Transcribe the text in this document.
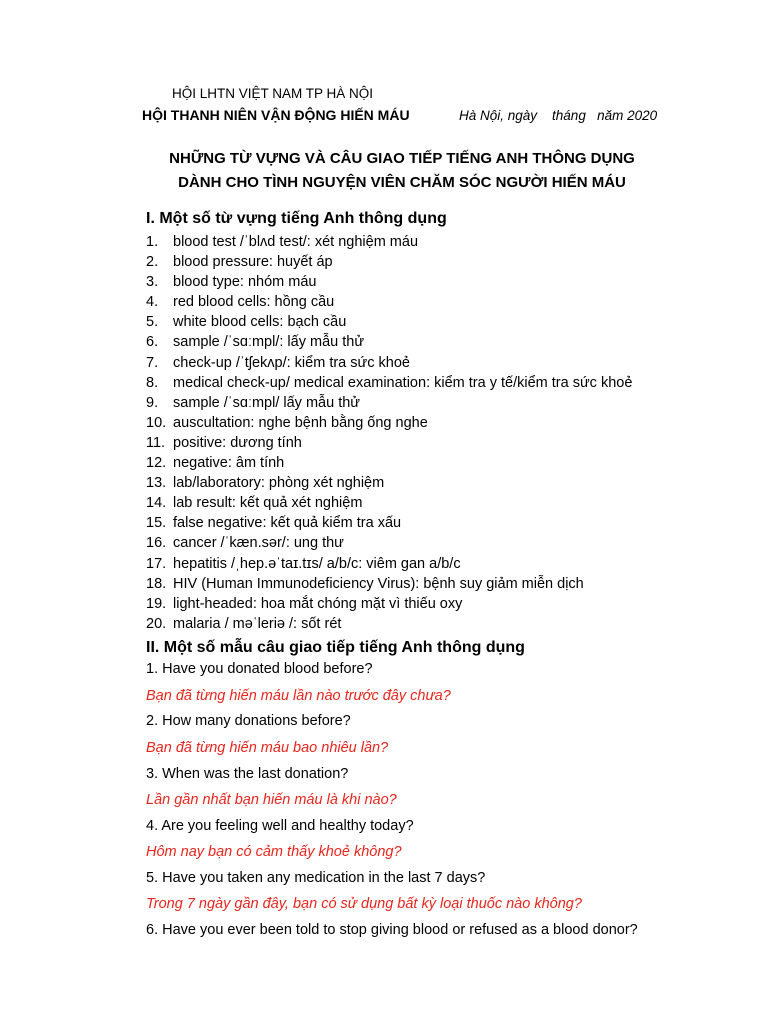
HỘI LHTN VIỆT NAM TP HÀ NỘI
HỘI THANH NIÊN VẬN ĐỘNG HIẾN MÁU	Hà Nội, ngày    tháng   năm 2020
NHỮNG TỪ VỰNG VÀ CÂU GIAO TIẾP TIẾNG ANH THÔNG DỤNG
DÀNH CHO TÌNH NGUYỆN VIÊN CHĂM SÓC NGƯỜI HIẾN MÁU
I. Một số từ vựng tiếng Anh thông dụng
1. blood test /ˈblʌd test/: xét nghiệm máu
2. blood pressure: huyết áp
3. blood type: nhóm máu
4. red blood cells: hồng cầu
5. white blood cells: bạch cầu
6. sample /ˈsɑːmpl/: lấy mẫu thử
7. check-up /ˈtʃekʌp/: kiểm tra sức khoẻ
8. medical check-up/ medical examination: kiểm tra y tế/kiểm tra sức khoẻ
9. sample /ˈsɑːmpl/ lấy mẫu thử
10. auscultation: nghe bệnh bằng ống nghe
11. positive: dương tính
12. negative: âm tính
13. lab/laboratory: phòng xét nghiệm
14. lab result: kết quả xét nghiệm
15. false negative: kết quả kiểm tra xấu
16. cancer /ˈkæn.sər/: ung thư
17. hepatitis /ˌhep.əˈtaɪ.tɪs/ a/b/c: viêm gan a/b/c
18. HIV (Human Immunodeficiency Virus): bệnh suy giảm miễn dịch
19. light-headed: hoa mắt chóng mặt vì thiếu oxy
20. malaria / məˈleriə /: sốt rét
II. Một số mẫu câu giao tiếp tiếng Anh thông dụng
1. Have you donated blood before?
Bạn đã từng hiến máu lần nào trước đây chưa?
2. How many donations before?
Bạn đã từng hiến máu bao nhiêu lần?
3. When was the last donation?
Lần gần nhất bạn hiến máu là khi nào?
4. Are you feeling well and healthy today?
Hôm nay bạn có cảm thấy khoẻ không?
5. Have you taken any medication in the last 7 days?
Trong 7 ngày gần đây, bạn có sử dụng bất kỳ loại thuốc nào không?
6. Have you ever been told to stop giving blood or refused as a blood donor?
